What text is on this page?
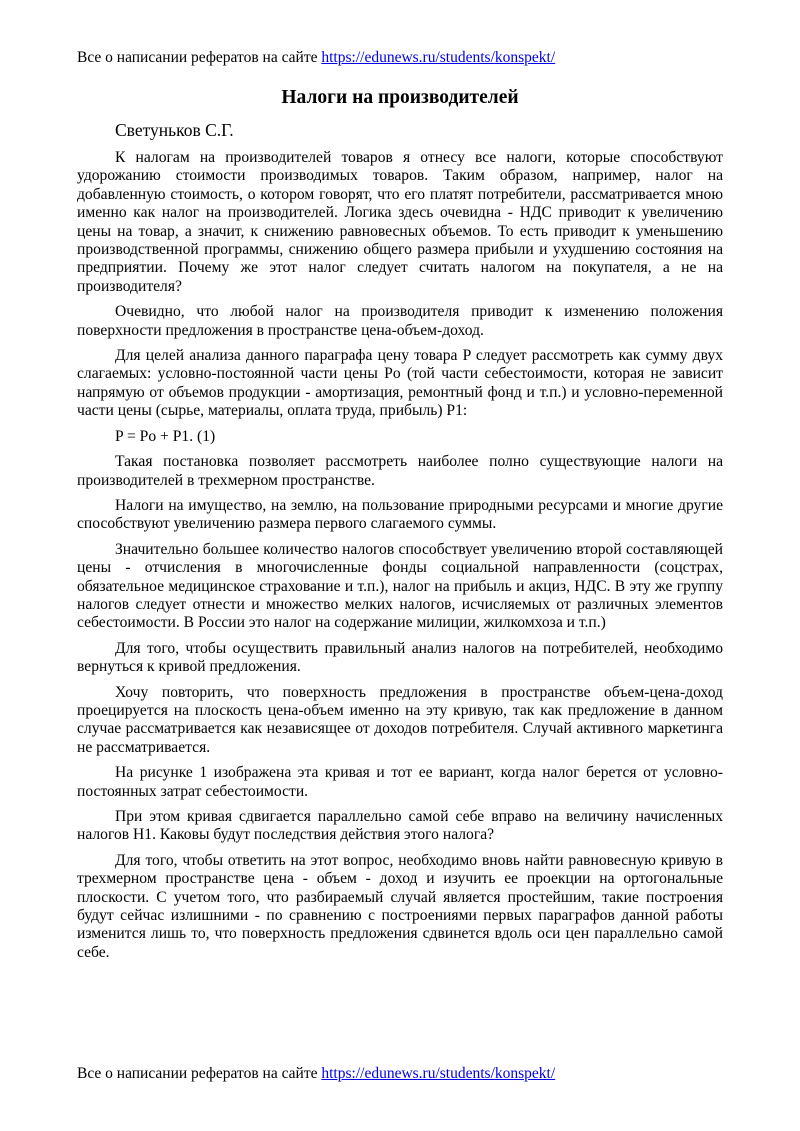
Все о написании рефератов на сайте https://edunews.ru/students/konspekt/
Налоги на производителей
Светуньков С.Г.

К налогам на производителей товаров я отнесу все налоги, которые способствуют удорожанию стоимости производимых товаров. Таким образом, например, налог на добавленную стоимость, о котором говорят, что его платят потребители, рассматривается мною именно как налог на производителей. Логика здесь очевидна - НДС приводит к увеличению цены на товар, а значит, к снижению равновесных объемов. То есть приводит к уменьшению производственной программы, снижению общего размера прибыли и ухудшению состояния на предприятии. Почему же этот налог следует считать налогом на покупателя, а не на производителя?

Очевидно, что любой налог на производителя приводит к изменению положения поверхности предложения в пространстве цена-объем-доход.

Для целей анализа данного параграфа цену товара P следует рассмотреть как сумму двух слагаемых: условно-постоянной части цены Pо (той части себестоимости, которая не зависит напрямую от объемов продукции - амортизация, ремонтный фонд и т.п.) и условно-переменной части цены (сырье, материалы, оплата труда, прибыль) P1:

P = Pо + P1. (1)

Такая постановка позволяет рассмотреть наиболее полно существующие налоги на производителей в трехмерном пространстве.

Налоги на имущество, на землю, на пользование природными ресурсами и многие другие способствуют увеличению размера первого слагаемого суммы.

Значительно большее количество налогов способствует увеличению второй составляющей цены - отчисления в многочисленные фонды социальной направленности (соцстрах, обязательное медицинское страхование и т.п.), налог на прибыль и акциз, НДС. В эту же группу налогов следует отнести и множество мелких налогов, исчисляемых от различных элементов себестоимости. В России это налог на содержание милиции, жилкомхоза и т.п.)

Для того, чтобы осуществить правильный анализ налогов на потребителей, необходимо вернуться к кривой предложения.

Хочу повторить, что поверхность предложения в пространстве объем-цена-доход проецируется на плоскость цена-объем именно на эту кривую, так как предложение в данном случае рассматривается как независящее от доходов потребителя. Случай активного маркетинга не рассматривается.

На рисунке 1 изображена эта кривая и тот ее вариант, когда налог берется от условно-постоянных затрат себестоимости.

При этом кривая сдвигается параллельно самой себе вправо на величину начисленных налогов H1. Каковы будут последствия действия этого налога?

Для того, чтобы ответить на этот вопрос, необходимо вновь найти равновесную кривую в трехмерном пространстве цена - объем - доход и изучить ее проекции на ортогональные плоскости. С учетом того, что разбираемый случай является простейшим, такие построения будут сейчас излишними - по сравнению с построениями первых параграфов данной работы изменится лишь то, что поверхность предложения сдвинется вдоль оси цен параллельно самой себе.

Все о написании рефератов на сайте https://edunews.ru/students/konspekt/
